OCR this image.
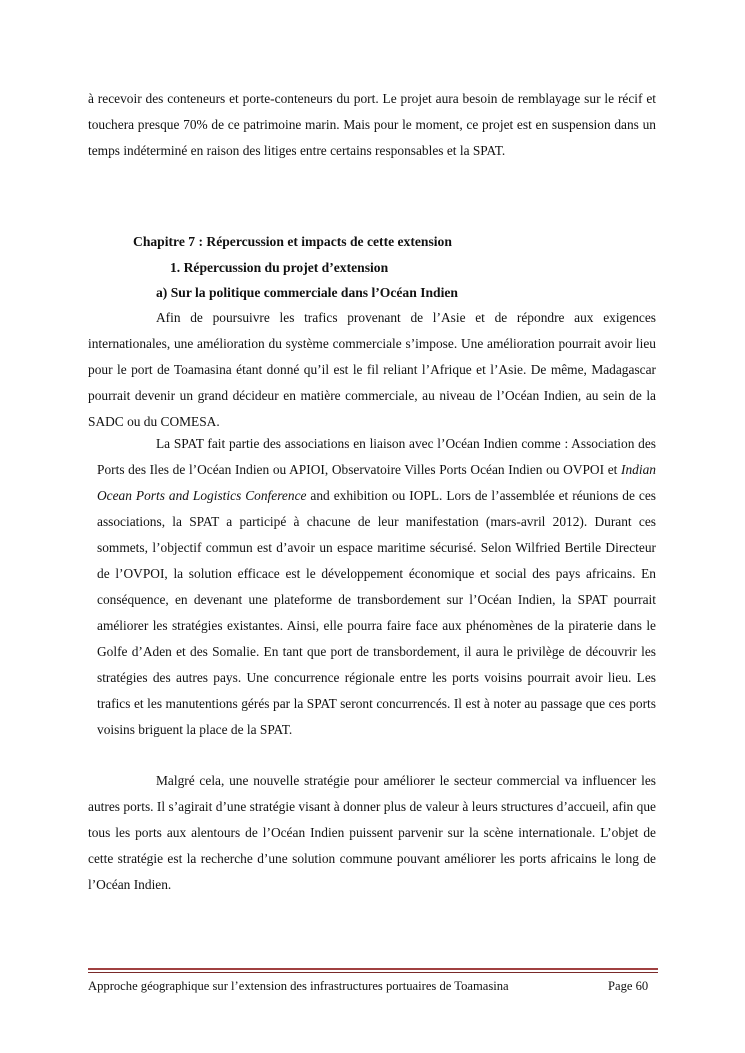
à recevoir des conteneurs et porte-conteneurs du port. Le projet aura besoin de remblayage sur le récif et touchera presque 70% de ce patrimoine marin. Mais pour le moment, ce projet est en suspension dans un temps indéterminé en raison des litiges entre certains responsables et la SPAT.

Chapitre 7 : Répercussion et impacts de cette extension
1. Répercussion du projet d’extension
a) Sur la politique commerciale dans l’Océan Indien

Afin de poursuivre les trafics provenant de l’Asie et de répondre aux exigences internationales, une amélioration du système commerciale s’impose. Une amélioration pourrait avoir lieu pour le port de Toamasina étant donné qu’il est le fil reliant l’Afrique et l’Asie. De même, Madagascar pourrait devenir un grand décideur en matière commerciale, au niveau de l’Océan Indien, au sein de la SADC ou du COMESA.

La SPAT fait partie des associations en liaison avec l’Océan Indien comme : Association des Ports des Iles de l’Océan Indien ou APIOI, Observatoire Villes Ports Océan Indien ou OVPOI et Indian Ocean Ports and Logistics Conference and exhibition ou IOPL. Lors de l’assemblée et réunions de ces associations, la SPAT a participé à chacune de leur manifestation (mars-avril 2012). Durant ces sommets, l’objectif commun est d’avoir un espace maritime sécurisé. Selon Wilfried Bertile Directeur de l’OVPOI, la solution efficace est le développement économique et social des pays africains. En conséquence, en devenant une plateforme de transbordement sur l’Océan Indien, la SPAT pourrait améliorer les stratégies existantes. Ainsi, elle pourra faire face aux phénomènes de la piraterie dans le Golfe d’Aden et des Somalie. En tant que port de transbordement, il aura le privilège de découvrir les stratégies des autres pays. Une concurrence régionale entre les ports voisins pourrait avoir lieu. Les trafics et les manutentions gérés par la SPAT seront concurrencés. Il est à noter au passage que ces ports voisins briguent la place de la SPAT.

Malgré cela, une nouvelle stratégie pour améliorer le secteur commercial va influencer les autres ports. Il s’agirait d’une stratégie visant à donner plus de valeur à leurs structures d’accueil, afin que tous les ports aux alentours de l’Océan Indien puissent parvenir sur la scène internationale. L’objet de cette stratégie est la recherche d’une solution commune pouvant améliorer les ports africains le long de l’Océan Indien.

Approche géographique sur l’extension des infrastructures portuaires de Toamasina	Page 60
